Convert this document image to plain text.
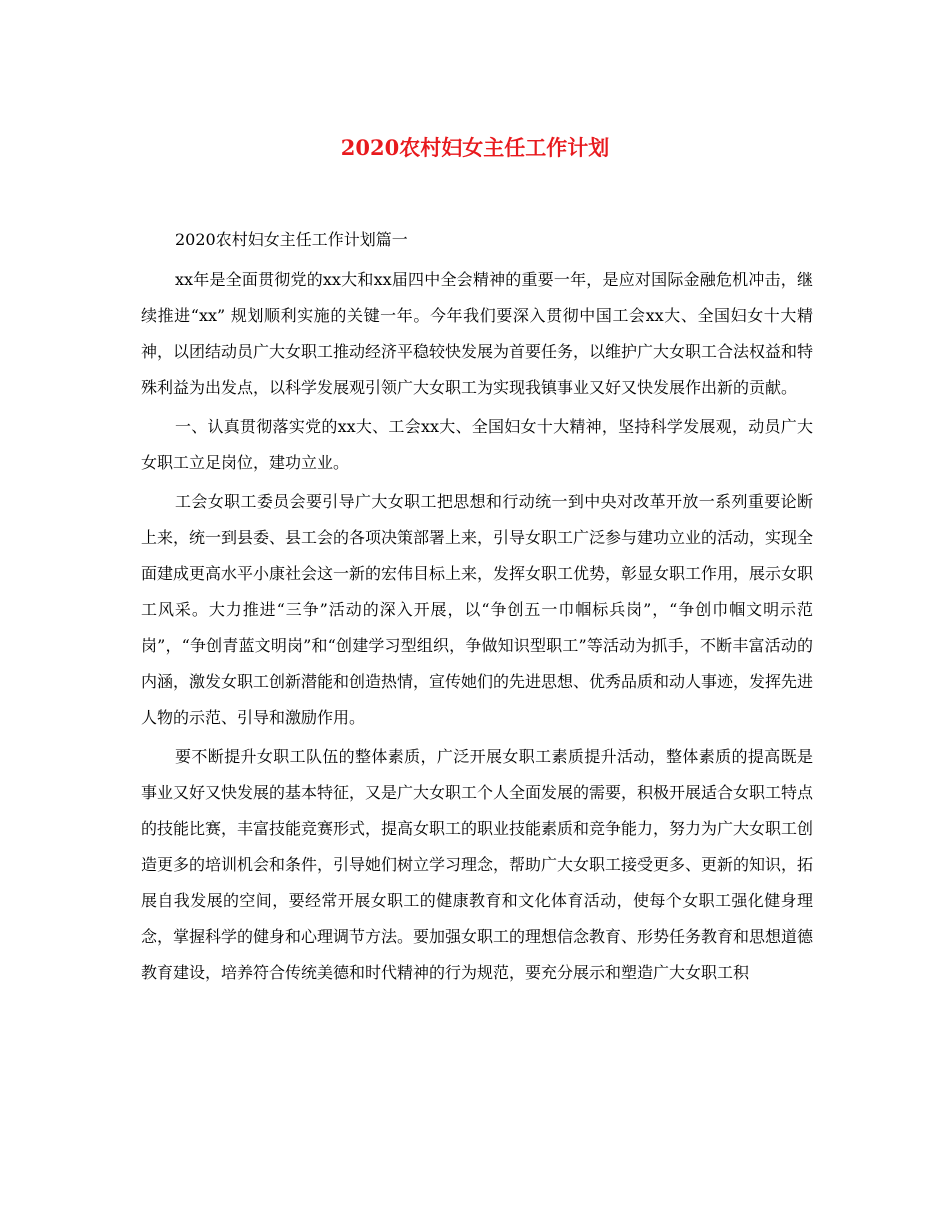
2020农村妇女主任工作计划

2020农村妇女主任工作计划篇一

xx年是全面贯彻党的xx大和xx届四中全会精神的重要一年，是应对国际金融危机冲击，继续推进“xx” 规划顺利实施的关键一年。今年我们要深入贯彻中国工会xx大、全国妇女十大精神，以团结动员广大女职工推动经济平稳较快发展为首要任务，以维护广大女职工合法权益和特殊利益为出发点，以科学发展观引领广大女职工为实现我镇事业又好又快发展作出新的贡献。

一、认真贯彻落实党的xx大、工会xx大、全国妇女十大精神，坚持科学发展观，动员广大女职工立足岗位，建功立业。

工会女职工委员会要引导广大女职工把思想和行动统一到中央对改革开放一系列重要论断上来，统一到县委、县工会的各项决策部署上来，引导女职工广泛参与建功立业的活动，实现全面建成更高水平小康社会这一新的宏伟目标上来，发挥女职工优势，彰显女职工作用，展示女职工风采。大力推进“三争”活动的深入开展，以“争创五一巾帼标兵岗”，“争创巾帼文明示范岗”，“争创青蓝文明岗”和“创建学习型组织，争做知识型职工”等活动为抓手，不断丰富活动的内涵，激发女职工创新潜能和创造热情，宣传她们的先进思想、优秀品质和动人事迹，发挥先进人物的示范、引导和激励作用。

要不断提升女职工队伍的整体素质，广泛开展女职工素质提升活动，整体素质的提高既是事业又好又快发展的基本特征，又是广大女职工个人全面发展的需要，积极开展适合女职工特点的技能比赛，丰富技能竞赛形式，提高女职工的职业技能素质和竞争能力，努力为广大女职工创造更多的培训机会和条件，引导她们树立学习理念，帮助广大女职工接受更多、更新的知识，拓展自我发展的空间，要经常开展女职工的健康教育和文化体育活动，使每个女职工强化健身理念，掌握科学的健身和心理调节方法。要加强女职工的理想信念教育、形势任务教育和思想道德教育建设，培养符合传统美德和时代精神的行为规范，要充分展示和塑造广大女职工积
